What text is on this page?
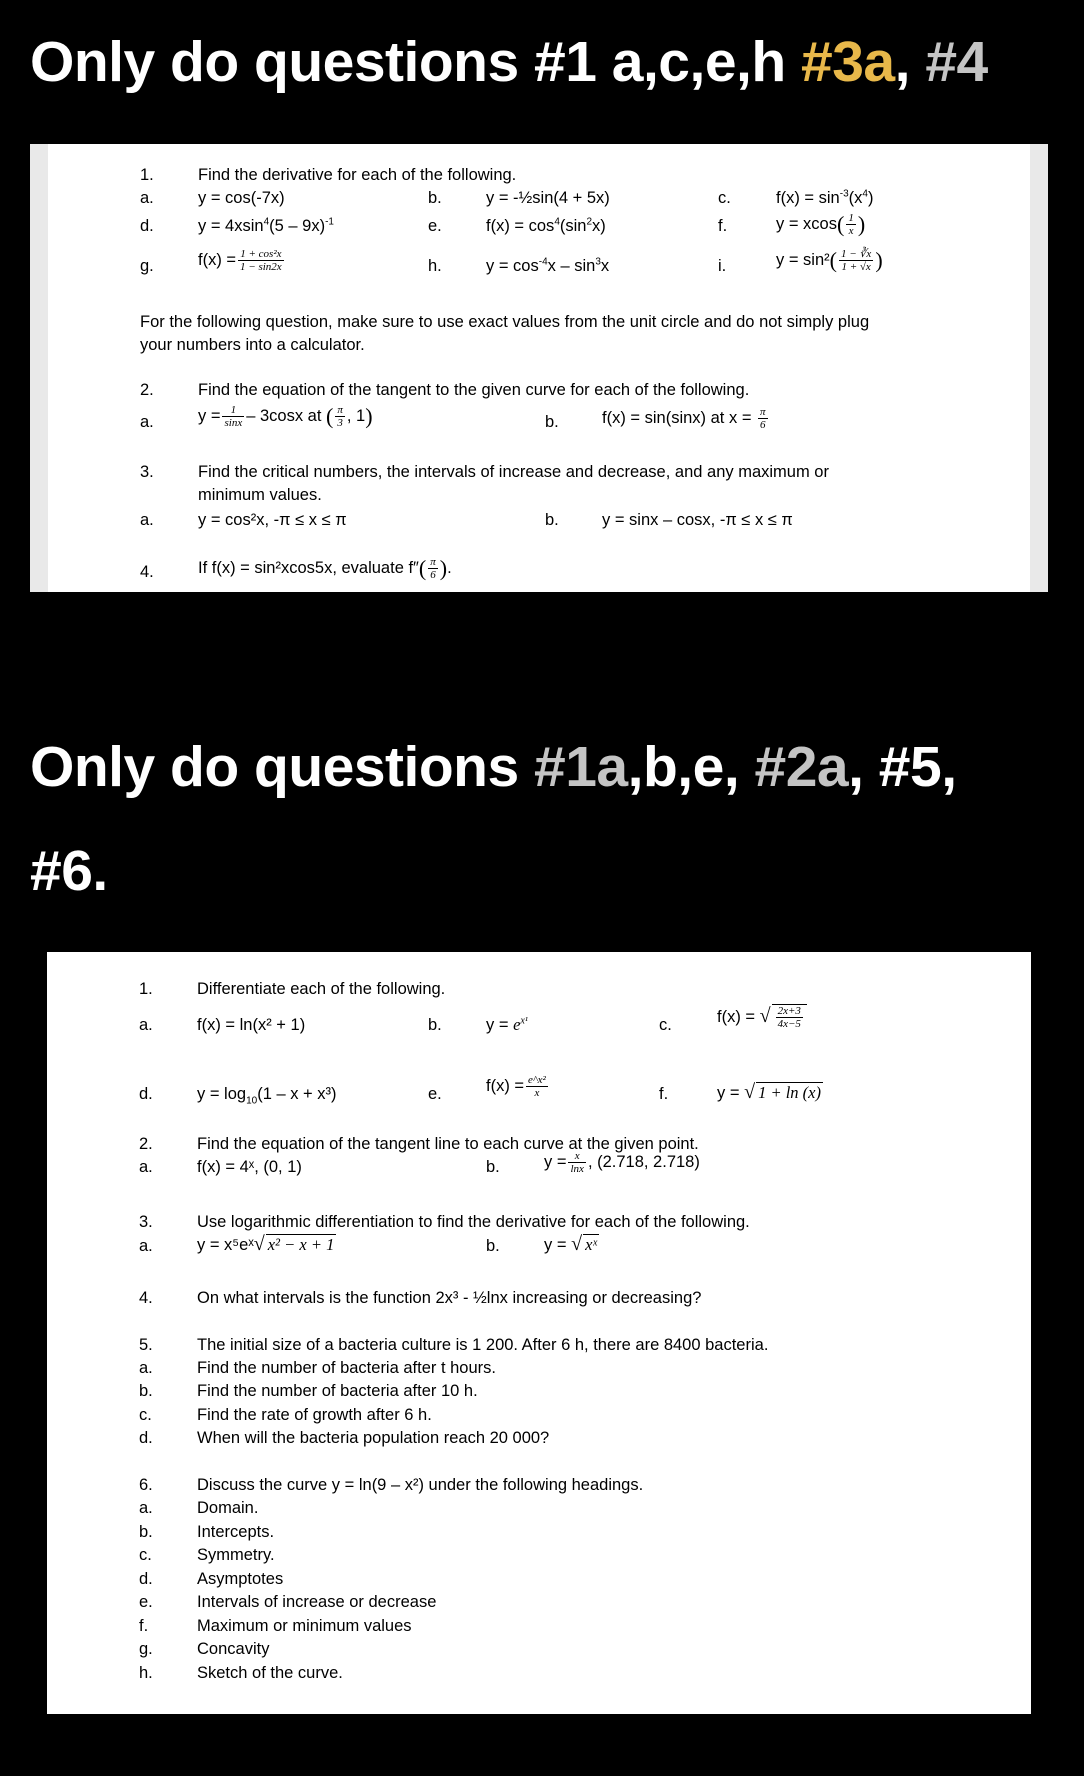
Only do questions #1 a,c,e,h #3a, #4
1.	Find the derivative for each of the following.
a.	y = cos(-7x)	b.	y = -½sin(4 + 5x)	c.	$f(x) = \sin^{-3}(x^4)$
d.	y = 4xsin$^4$(5 – 9x)$^{-1}$	e.	$f(x) = \cos^4(\sin^2x)$	f.	$y = xcos( \frac{1}{x}$ )
g.	$f(x) = \frac{\text{1 + cos²x}}{1 - \sin 2x}$	h.	$y = \cos^{-4}x - \sin^3x$	i.	$y = \sin^2( \frac{1 - ∛x}{1 + √x}$ )
For the following question, make sure to use exact values from the unit circle and do not simply plug
your numbers into a calculator.
2.	Find the equation of the tangent to the given curve for each of the following.
a.	$y = \frac{1}{\sin x} - 3\cos x$ at ( $\frac{\pi}{3}$ , 1)	b.	f(x) = sin(sinx) at $x = \frac{\pi}{6}$
3.	Find the critical numbers, the intervals of increase and decrease, and any maximum or
minimum values.
a.	y = cos²x, -π ≤ x ≤ π	b.	y = sinx – cosx, -π ≤ x ≤ π
4.	If f(x) = sin²xcos5x, evaluate $f''( \frac{\pi}{6}$ ).
Only do questions #1a,b,e, #2a, #5,
#6.
1.	Differentiate each of the following.
a.	f(x) = ln(x² + 1)	b.	$y = e^{x^1}$	c.	f(x) = √ $\frac{2x+3}{4x-5}$
d.	$y = \log_{10}(1 - x + x^3)$	e.	$f(x) = \frac{\text{e\textasciicircum{}x²}}{x}$	f.	y = √ 1 + ln (x)
2.	Find the equation of the tangent line to each curve at the given point.
a.	f(x) = 4ˣ, (0, 1)	b.	$y = \frac{x}{\ln x}$ , (2.718, 2.718)
3.	Use logarithmic differentiation to find the derivative for each of the following.
a.	y = x⁵eˣ√ x² − x + 1	b.	y = √ xˣ
4.	On what intervals is the function 2x³ - ½lnx increasing or decreasing?
5.	The initial size of a bacteria culture is 1 200. After 6 h, there are 8400 bacteria.
a.	Find the number of bacteria after t hours.
b.	Find the number of bacteria after 10 h.
c.	Find the rate of growth after 6 h.
d.	When will the bacteria population reach 20 000?
6.	Discuss the curve y = ln(9 – x²) under the following headings.
a.	Domain.
b.	Intercepts.
c.	Symmetry.
d.	Asymptotes
e.	Intervals of increase or decrease
f.	Maximum or minimum values
g.	Concavity
h.	Sketch of the curve.
